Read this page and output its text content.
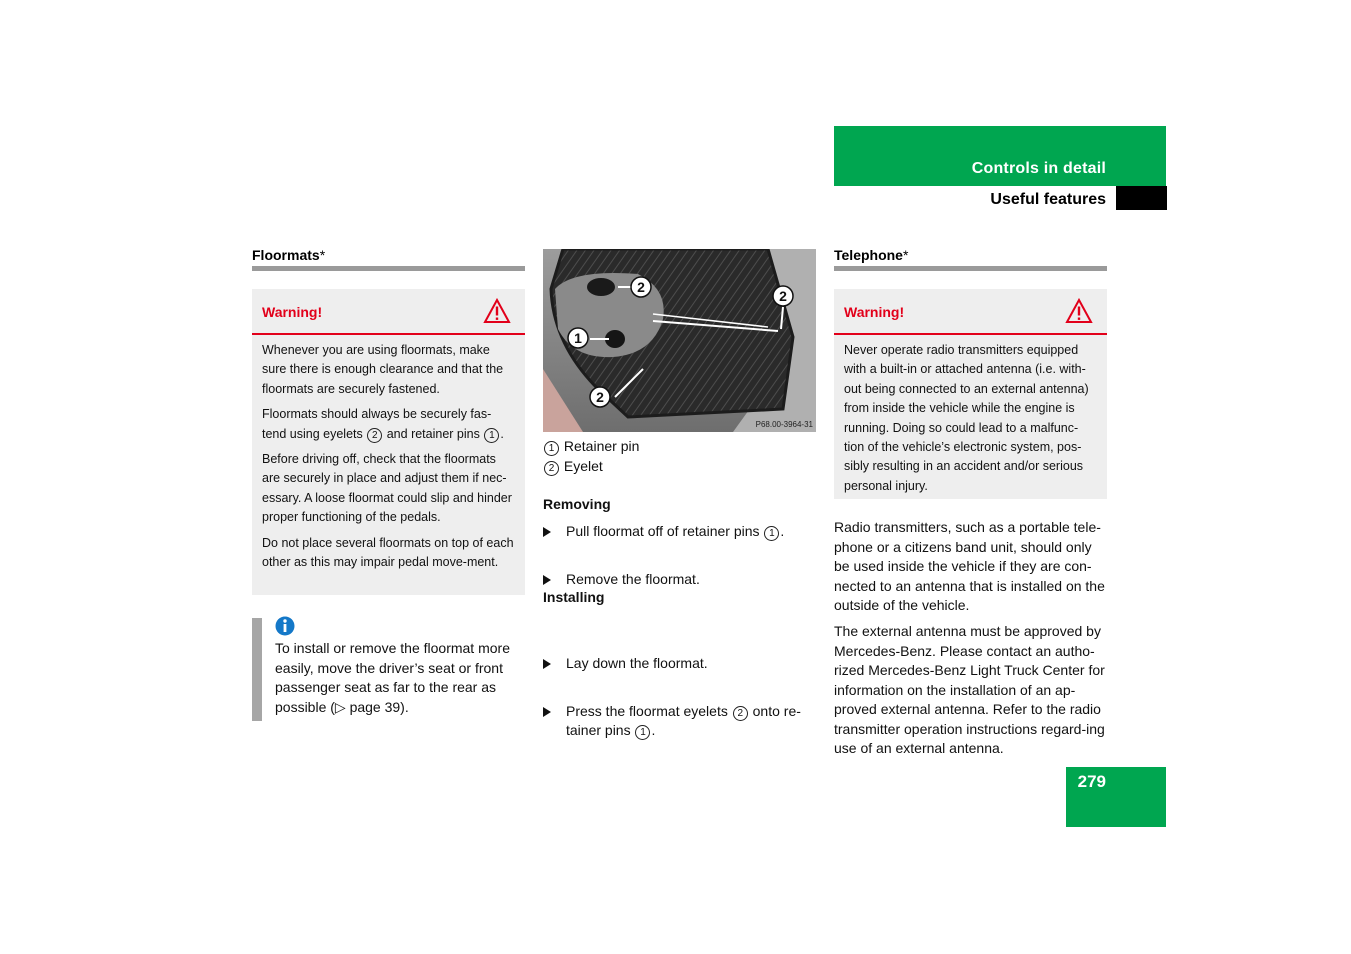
Controls in detail
Useful features
Floormats*
Warning!

Whenever you are using floormats, make sure there is enough clearance and that the floormats are securely fastened.

Floormats should always be securely fas-tend using eyelets 2 and retainer pins 1 .

Before driving off, check that the floormats are securely in place and adjust them if nec-essary. A loose floormat could slip and hinder proper functioning of the pedals.

Do not place several floormats on top of each other as this may impair pedal move-ment.

To install or remove the floormat more easily, move the driver’s seat or front passenger seat as far to the rear as possible (▷ page 39).
2
2
1
2
P68.00-3964-31
1 Retainer pin
2 Eyelet
Removing
Pull floormat off of retainer pins 1 .
Remove the floormat.
Installing
Lay down the floormat.
Press the floormat eyelets 2 onto re-tainer pins 1 .
Telephone*
Warning!

Never operate radio transmitters equipped with a built-in or attached antenna (i.e. with-out being connected to an external antenna) from inside the vehicle while the engine is running. Doing so could lead to a malfunc-tion of the vehicle’s electronic system, pos-sibly resulting in an accident and/or serious personal injury.

Radio transmitters, such as a portable tele-phone or a citizens band unit, should only be used inside the vehicle if they are con-nected to an antenna that is installed on the outside of the vehicle.
The external antenna must be approved by Mercedes-Benz. Please contact an autho-rized Mercedes-Benz Light Truck Center for information on the installation of an ap-proved external antenna. Refer to the radio transmitter operation instructions regard-ing use of an external antenna.
279
